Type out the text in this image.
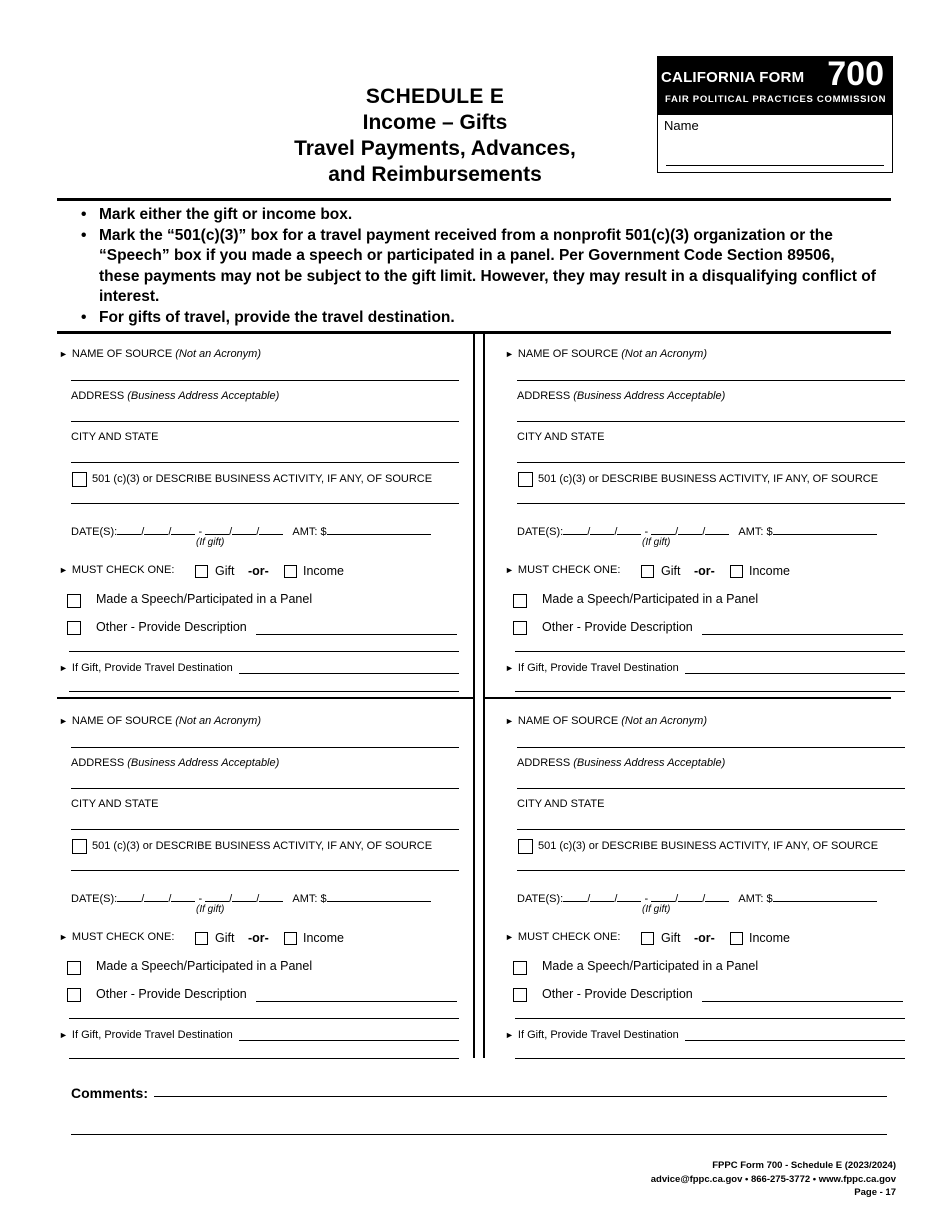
SCHEDULE E
Income – Gifts
Travel Payments, Advances,
and Reimbursements
CALIFORNIA FORM 700
FAIR POLITICAL PRACTICES COMMISSION
Name
• Mark either the gift or income box.
• Mark the “501(c)(3)” box for a travel payment received from a nonprofit 501(c)(3) organization or the “Speech” box if you made a speech or participated in a panel. Per Government Code Section 89506, these payments may not be subject to the gift limit. However, they may result in a disqualifying conflict of interest.
• For gifts of travel, provide the travel destination.
► NAME OF SOURCE (Not an Acronym)
ADDRESS (Business Address Acceptable)
CITY AND STATE
501 (c)(3) or DESCRIBE BUSINESS ACTIVITY, IF ANY, OF SOURCE
DATE(S): / / - / /	AMT: $
(If gift)
► MUST CHECK ONE:	Gift -or-	Income
Made a Speech/Participated in a Panel
Other - Provide Description
► If Gift, Provide Travel Destination
► NAME OF SOURCE (Not an Acronym)
ADDRESS (Business Address Acceptable)
CITY AND STATE
501 (c)(3) or DESCRIBE BUSINESS ACTIVITY, IF ANY, OF SOURCE
DATE(S): / / - / /	AMT: $
(If gift)
► MUST CHECK ONE:	Gift -or-	Income
Made a Speech/Participated in a Panel
Other - Provide Description
► If Gift, Provide Travel Destination
► NAME OF SOURCE (Not an Acronym)
ADDRESS (Business Address Acceptable)
CITY AND STATE
501 (c)(3) or DESCRIBE BUSINESS ACTIVITY, IF ANY, OF SOURCE
DATE(S): / / - / /	AMT: $
(If gift)
► MUST CHECK ONE:	Gift -or-	Income
Made a Speech/Participated in a Panel
Other - Provide Description
► If Gift, Provide Travel Destination
► NAME OF SOURCE (Not an Acronym)
ADDRESS (Business Address Acceptable)
CITY AND STATE
501 (c)(3) or DESCRIBE BUSINESS ACTIVITY, IF ANY, OF SOURCE
DATE(S): / / - / /	AMT: $
(If gift)
► MUST CHECK ONE:	Gift -or-	Income
Made a Speech/Participated in a Panel
Other - Provide Description
► If Gift, Provide Travel Destination
Comments:
FPPC Form 700 - Schedule E (2023/2024)
advice@fppc.ca.gov • 866-275-3772 • www.fppc.ca.gov
Page - 17
